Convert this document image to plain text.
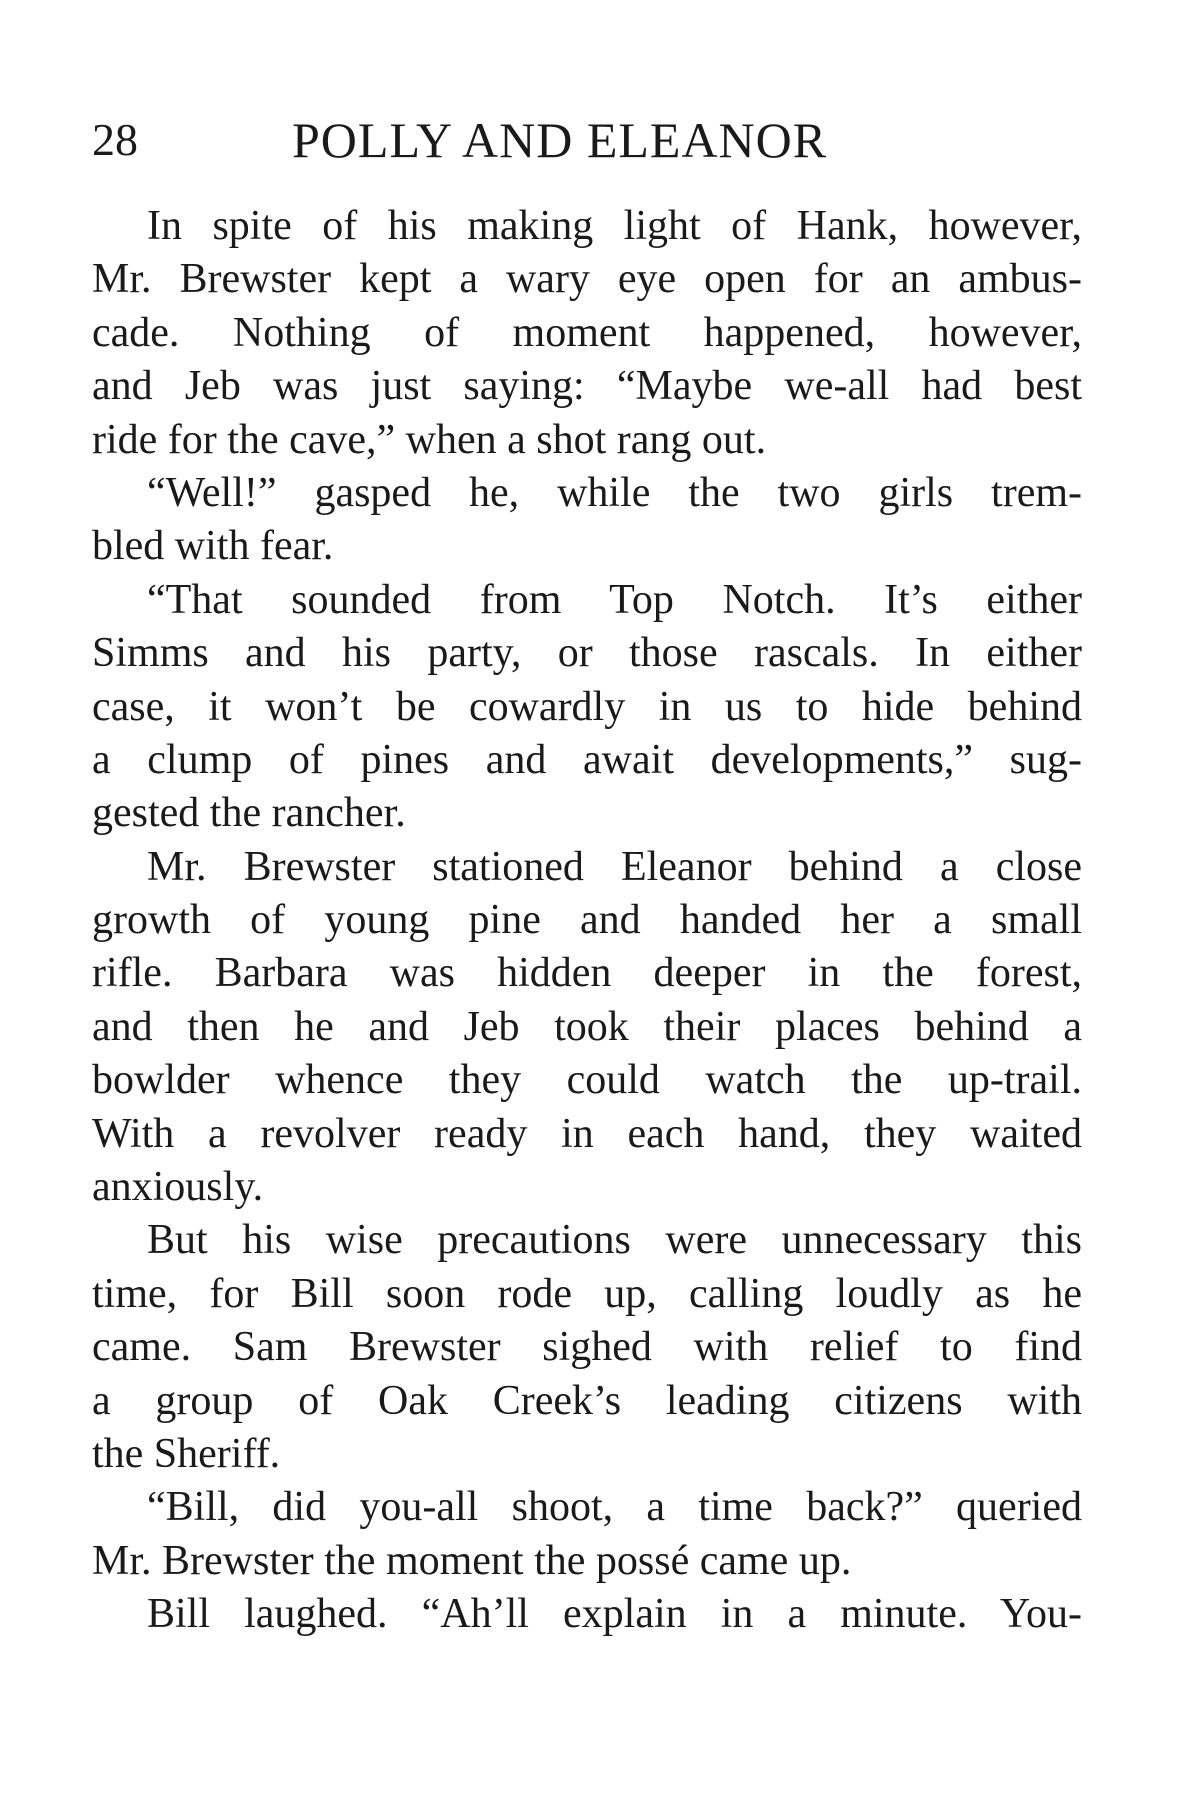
28	POLLY AND ELEANOR
In spite of his making light of Hank, however,
Mr. Brewster kept a wary eye open for an ambus-
cade. Nothing of moment happened, however,
and Jeb was just saying: “Maybe we-all had best
ride for the cave,” when a shot rang out.
“Well!” gasped he, while the two girls trem-
bled with fear.
“That sounded from Top Notch. It’s either
Simms and his party, or those rascals. In either
case, it won’t be cowardly in us to hide behind
a clump of pines and await developments,” sug-
gested the rancher.
Mr. Brewster stationed Eleanor behind a close
growth of young pine and handed her a small
rifle. Barbara was hidden deeper in the forest,
and then he and Jeb took their places behind a
bowlder whence they could watch the up-trail.
With a revolver ready in each hand, they waited
anxiously.
But his wise precautions were unnecessary this
time, for Bill soon rode up, calling loudly as he
came. Sam Brewster sighed with relief to find
a group of Oak Creek’s leading citizens with
the Sheriff.
“Bill, did you-all shoot, a time back?” queried
Mr. Brewster the moment the possé came up.
Bill laughed. “Ah’ll explain in a minute. You-
